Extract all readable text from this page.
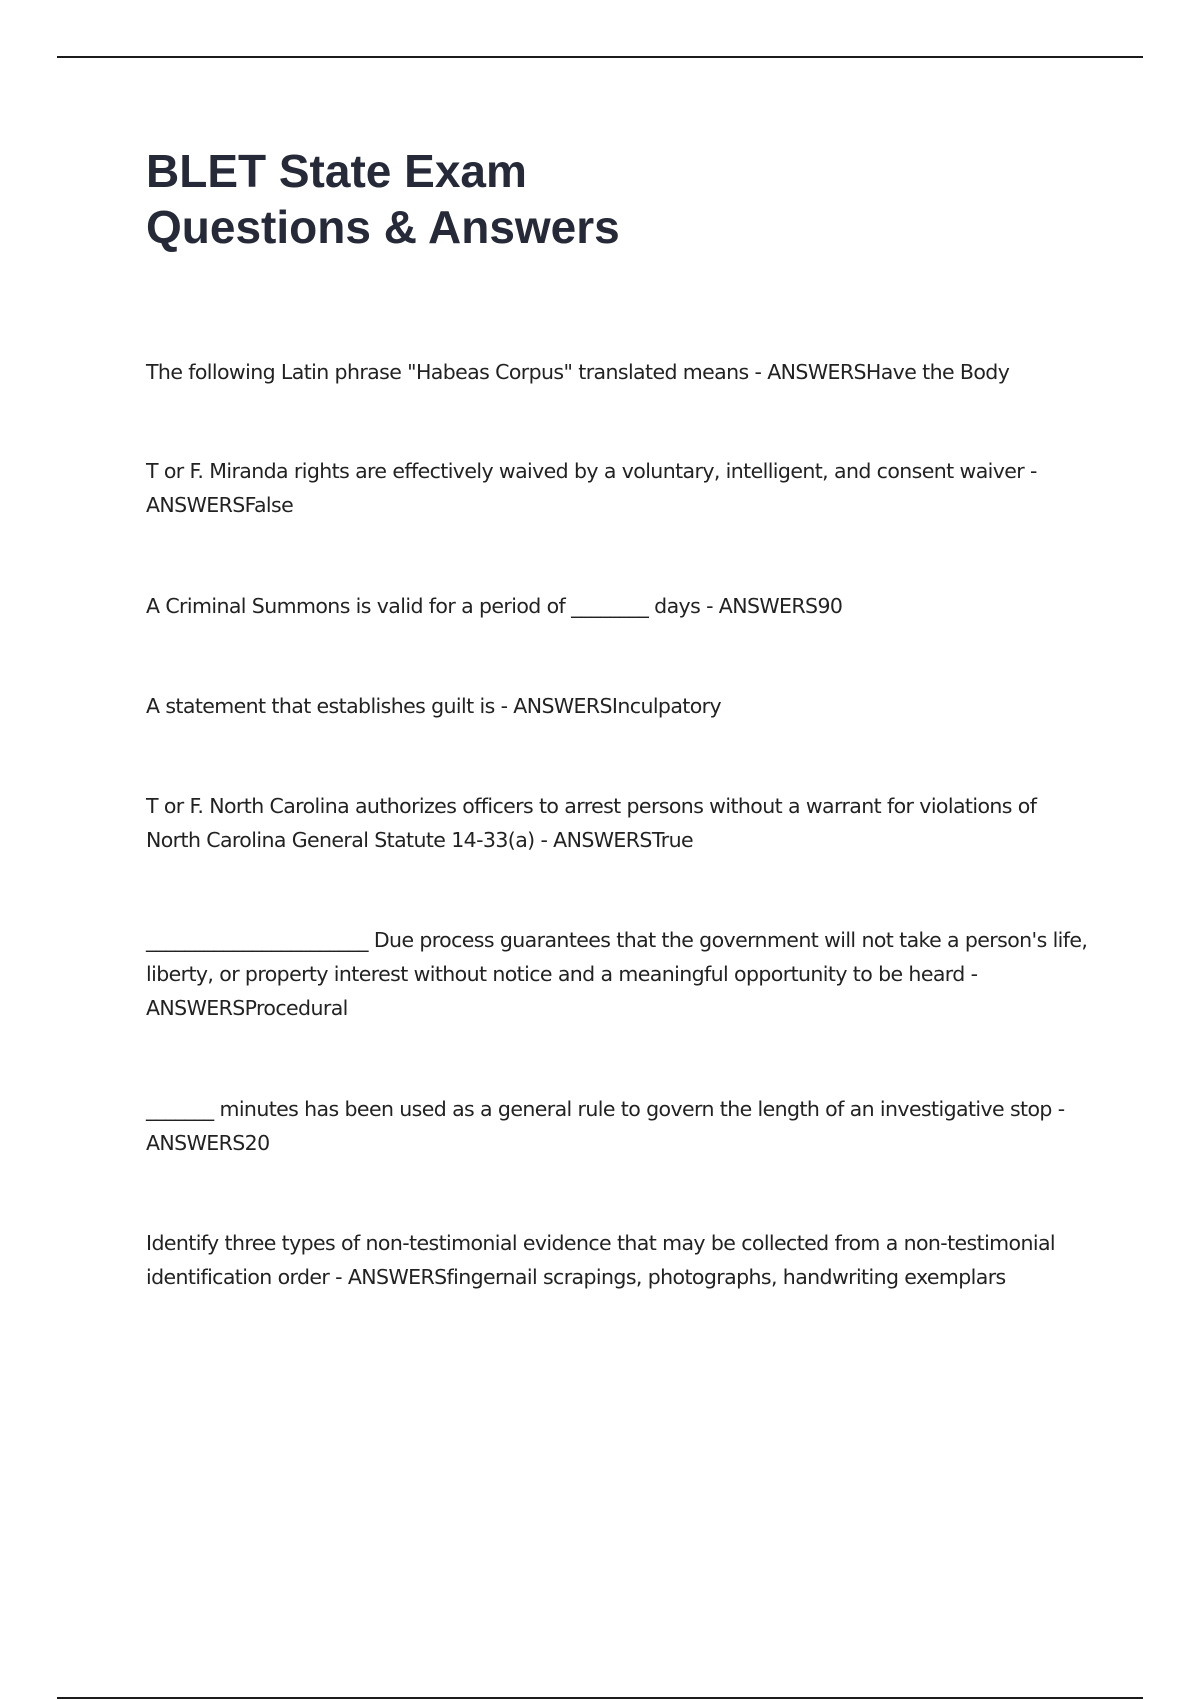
BLET State Exam
Questions & Answers

The following Latin phrase "Habeas Corpus" translated means - ANSWERSHave the Body

T or F. Miranda rights are effectively waived by a voluntary, intelligent, and consent waiver - ANSWERSFalse

A Criminal Summons is valid for a period of ________ days - ANSWERS90

A statement that establishes guilt is - ANSWERSInculpatory

T or F. North Carolina authorizes officers to arrest persons without a warrant for violations of North Carolina General Statute 14-33(a) - ANSWERSTrue

_______________________ Due process guarantees that the government will not take a person's life, liberty, or property interest without notice and a meaningful opportunity to be heard - ANSWERSProcedural

_______ minutes has been used as a general rule to govern the length of an investigative stop - ANSWERS20

Identify three types of non-testimonial evidence that may be collected from a non-testimonial identification order - ANSWERSfingernail scrapings, photographs, handwriting exemplars
